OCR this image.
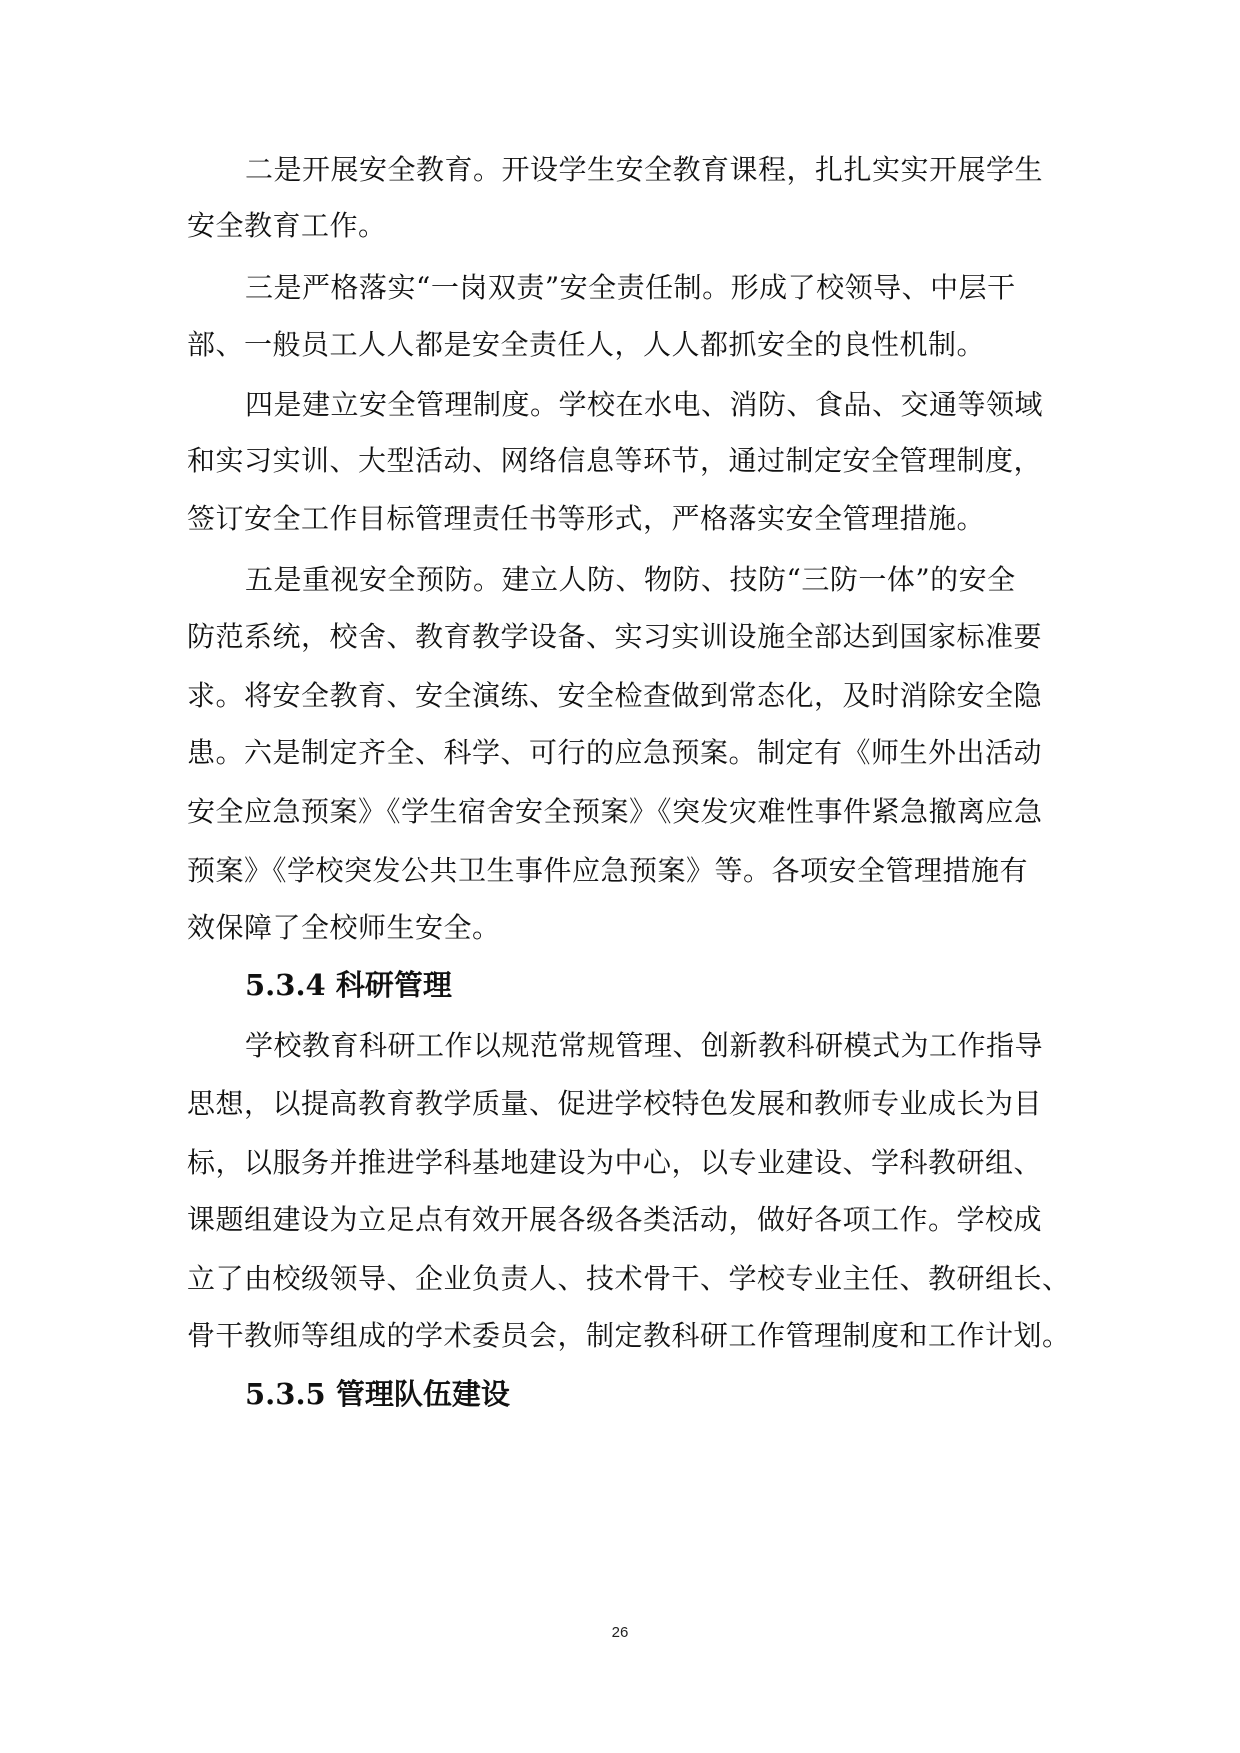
二是开展安全教育。开设学生安全教育课程，扎扎实实开展学生
安全教育工作。
三是严格落实“一岗双责”安全责任制。形成了校领导、中层干
部、一般员工人人都是安全责任人，人人都抓安全的良性机制。
四是建立安全管理制度。学校在水电、消防、食品、交通等领域
和实习实训、大型活动、网络信息等环节，通过制定安全管理制度，
签订安全工作目标管理责任书等形式，严格落实安全管理措施。
五是重视安全预防。建立人防、物防、技防“三防一体”的安全
防范系统，校舍、教育教学设备、实习实训设施全部达到国家标准要
求。将安全教育、安全演练、安全检查做到常态化，及时消除安全隐
患。六是制定齐全、科学、可行的应急预案。制定有《师生外出活动
安全应急预案》《学生宿舍安全预案》《突发灾难性事件紧急撤离应急
预案》《学校突发公共卫生事件应急预案》等。各项安全管理措施有
效保障了全校师生安全。
学校教育科研工作以规范常规管理、创新教科研模式为工作指导
思想，以提高教育教学质量、促进学校特色发展和教师专业成长为目
标，以服务并推进学科基地建设为中心，以专业建设、学科教研组、
课题组建设为立足点有效开展各级各类活动，做好各项工作。学校成
立了由校级领导、企业负责人、技术骨干、学校专业主任、教研组长、
骨干教师等组成的学术委员会，制定教科研工作管理制度和工作计划。
5.3.4 科研管理
5.3.5 管理队伍建设
26
